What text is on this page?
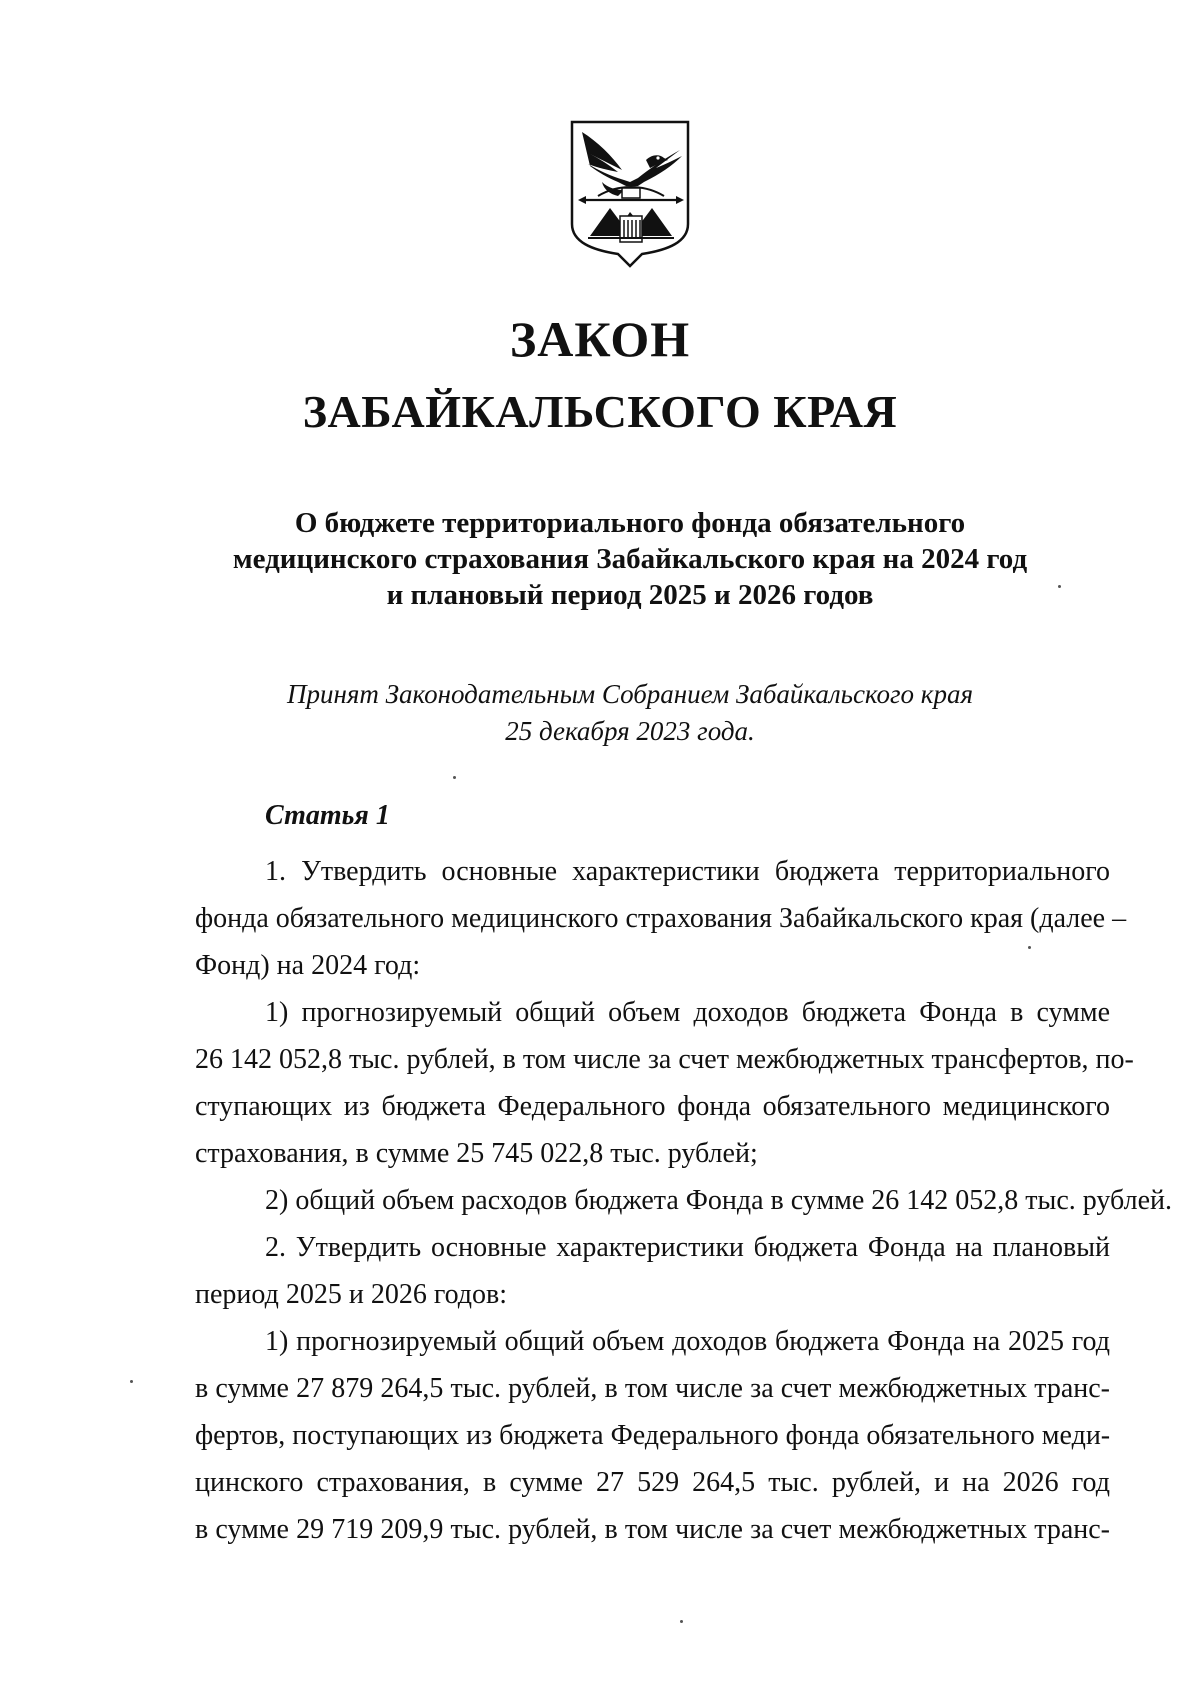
ЗАКОН
ЗАБАЙКАЛЬСКОГО КРАЯ
О бюджете территориального фонда обязательного
медицинского страхования Забайкальского края на 2024 год
и плановый период 2025 и 2026 годов
Принят Законодательным Собранием Забайкальского края
25 декабря 2023 года.
Статья 1
1. Утвердить основные характеристики бюджета территориального
фонда обязательного медицинского страхования Забайкальского края (далее –
Фонд) на 2024 год:
1) прогнозируемый общий объем доходов бюджета Фонда в сумме
26 142 052,8 тыс. рублей, в том числе за счет межбюджетных трансфертов, по-
ступающих из бюджета Федерального фонда обязательного медицинского
страхования, в сумме 25 745 022,8 тыс. рублей;
2) общий объем расходов бюджета Фонда в сумме 26 142 052,8 тыс. рублей.
2. Утвердить основные характеристики бюджета Фонда на плановый
период 2025 и 2026 годов:
1) прогнозируемый общий объем доходов бюджета Фонда на 2025 год
в сумме 27 879 264,5 тыс. рублей, в том числе за счет межбюджетных транс-
фертов, поступающих из бюджета Федерального фонда обязательного меди-
цинского страхования, в сумме 27 529 264,5 тыс. рублей, и на 2026 год
в сумме 29 719 209,9 тыс. рублей, в том числе за счет межбюджетных транс-
